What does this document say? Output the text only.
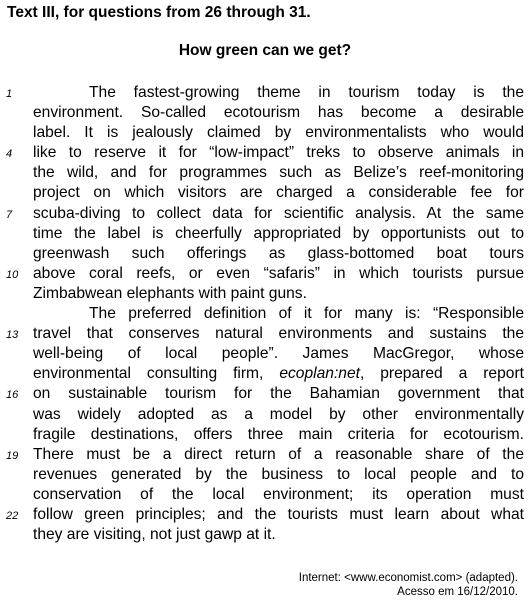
Text III, for questions from 26 through 31.
How green can we get?
1	The fastest-growing theme in tourism today is the
environment. So-called ecotourism has become a desirable
label. It is jealously claimed by environmentalists who would
4	like to reserve it for “low-impact” treks to observe animals in
the wild, and for programmes such as Belize’s reef-monitoring
project on which visitors are charged a considerable fee for
7	scuba-diving to collect data for scientific analysis. At the same
time the label is cheerfully appropriated by opportunists out to
greenwash such offerings as glass-bottomed boat tours
10 above coral reefs, or even “safaris” in which tourists pursue
Zimbabwean elephants with paint guns.
The preferred definition of it for many is: “Responsible
13 travel that conserves natural environments and sustains the
well-being of local people”. James MacGregor, whose
environmental consulting firm, ecoplan:net, prepared a report
16 on sustainable tourism for the Bahamian government that
was widely adopted as a model by other environmentally
fragile destinations, offers three main criteria for ecotourism.
19 There must be a direct return of a reasonable share of the
revenues generated by the business to local people and to
conservation of the local environment; its operation must
22 follow green principles; and the tourists must learn about what
they are visiting, not just gawp at it.
Internet: <www.economist.com> (adapted).
Acesso em 16/12/2010.
